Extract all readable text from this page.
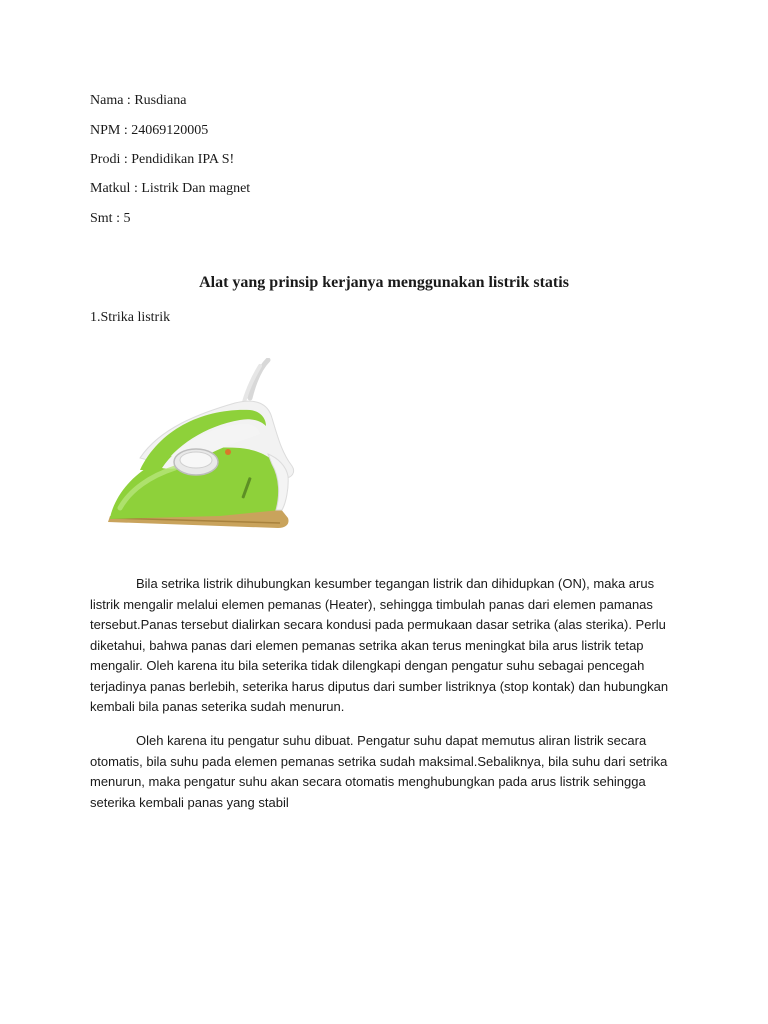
Nama : Rusdiana
NPM : 24069120005
Prodi : Pendidikan IPA S!
Matkul : Listrik Dan magnet
Smt : 5
Alat yang prinsip kerjanya menggunakan listrik statis
1.Strika listrik

Bila setrika listrik dihubungkan kesumber tegangan listrik dan dihidupkan (ON), maka arus listrik mengalir melalui elemen pemanas (Heater), sehingga timbulah panas dari elemen pamanas tersebut.Panas tersebut dialirkan secara kondusi pada permukaan dasar setrika (alas sterika). Perlu diketahui, bahwa panas dari elemen pemanas setrika akan terus meningkat bila arus listrik tetap mengalir. Oleh karena itu bila seterika tidak dilengkapi dengan pengatur suhu sebagai pencegah terjadinya panas berlebih, seterika harus diputus dari sumber listriknya (stop kontak) dan hubungkan kembali bila panas seterika sudah menurun.

Oleh karena itu pengatur suhu dibuat. Pengatur suhu dapat memutus aliran listrik secara otomatis, bila suhu pada elemen pemanas setrika sudah maksimal.Sebaliknya, bila suhu dari setrika menurun, maka pengatur suhu akan secara otomatis menghubungkan pada arus listrik sehingga seterika kembali panas yang stabil
